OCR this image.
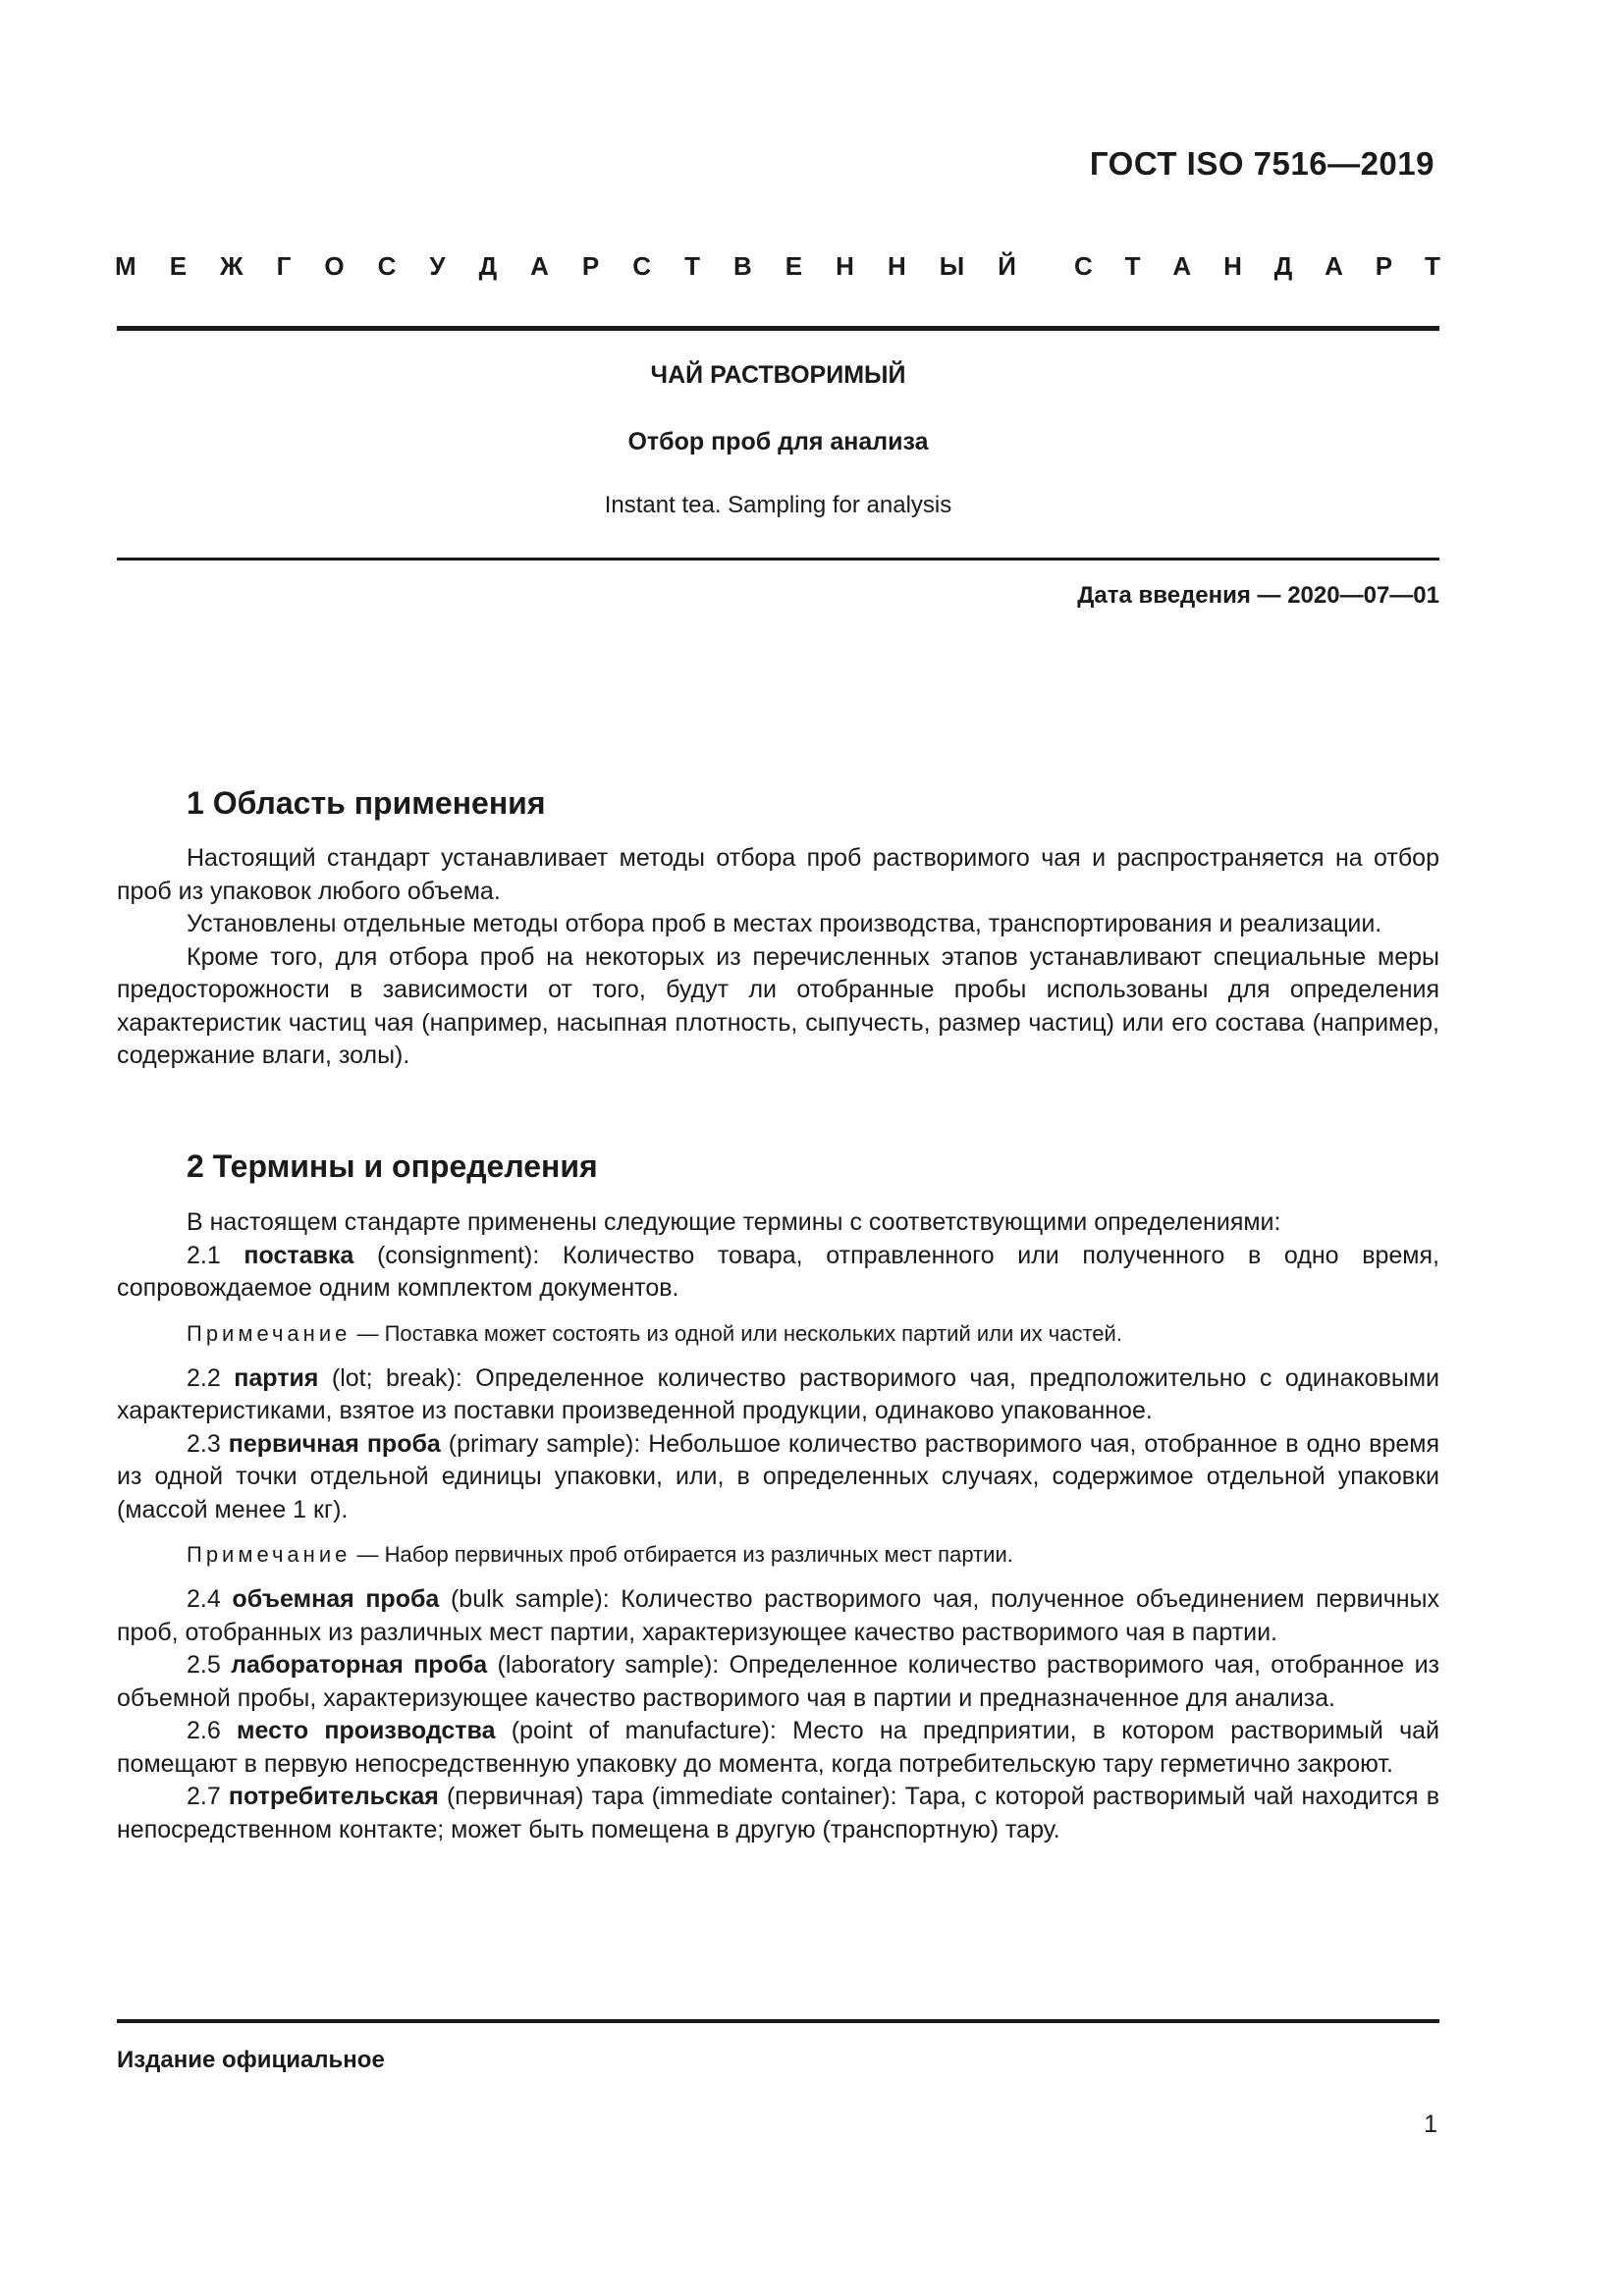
ГОСТ ISO 7516—2019
М Е Ж Г О С У Д А Р С Т В Е Н Н Ы Й С Т А Н Д А Р Т
ЧАЙ РАСТВОРИМЫЙ
Отбор проб для анализа
Instant tea. Sampling for analysis
Дата введения — 2020—07—01
1 Область применения

Настоящий стандарт устанавливает методы отбора проб растворимого чая и распространяется на отбор проб из упаковок любого объема.

Установлены отдельные методы отбора проб в местах производства, транспортирования и реализации.

Кроме того, для отбора проб на некоторых из перечисленных этапов устанавливают специальные меры предосторожности в зависимости от того, будут ли отобранные пробы использованы для определения характеристик частиц чая (например, насыпная плотность, сыпучесть, размер частиц) или его состава (например, содержание влаги, золы).

2 Термины и определения

В настоящем стандарте применены следующие термины с соответствующими определениями:

2.1 поставка (consignment): Количество товара, отправленного или полученного в одно время, сопровождаемое одним комплектом документов.

Примечание — Поставка может состоять из одной или нескольких партий или их частей.

2.2 партия (lot; break): Определенное количество растворимого чая, предположительно с одинаковыми характеристиками, взятое из поставки произведенной продукции, одинаково упакованное.

2.3 первичная проба (primary sample): Небольшое количество растворимого чая, отобранное в одно время из одной точки отдельной единицы упаковки, или, в определенных случаях, содержимое отдельной упаковки (массой менее 1 кг).

Примечание — Набор первичных проб отбирается из различных мест партии.

2.4 объемная проба (bulk sample): Количество растворимого чая, полученное объединением первичных проб, отобранных из различных мест партии, характеризующее качество растворимого чая в партии.

2.5 лабораторная проба (laboratory sample): Определенное количество растворимого чая, отобранное из объемной пробы, характеризующее качество растворимого чая в партии и предназначенное для анализа.

2.6 место производства (point of manufacture): Место на предприятии, в котором растворимый чай помещают в первую непосредственную упаковку до момента, когда потребительскую тару герметично закроют.

2.7 потребительская (первичная) тара (immediate container): Тара, с которой растворимый чай находится в непосредственном контакте; может быть помещена в другую (транспортную) тару.

Издание официальное
1
